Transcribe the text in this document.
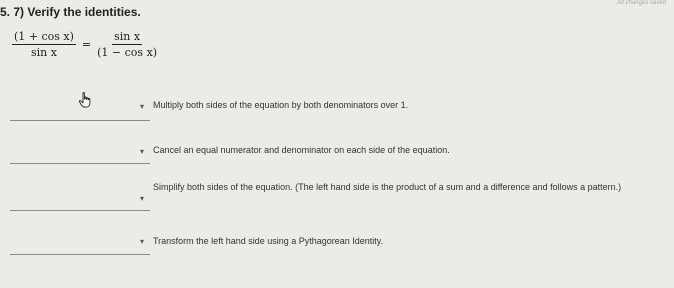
5. 7) Verify the identities.
All changes saved
$\frac{\text{(1 + cos x)}}{\text{sin x}} = \frac{\text{sin x}}{\text{(1 − cos x)}}$
▾ Multiply both sides of the equation by both denominators over 1.
▾ Cancel an equal numerator and denominator on each side of the equation.
▾
Simplify both sides of the equation. (The left hand side is the product of a sum and a difference and follows a pattern.)
▾ Transform the left hand side using a Pythagorean Identity.
